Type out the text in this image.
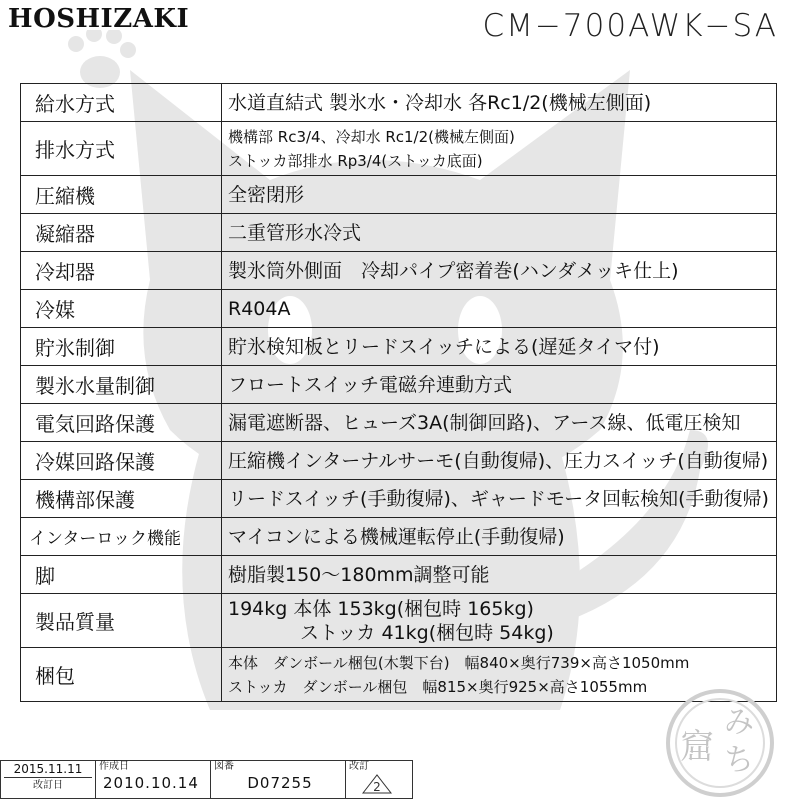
HOSHIZAKI	CM−700AWK−SA
給水方式	水道直結式 製氷水・冷却水 各Rc1/2(機械左側面)

排水方式	機構部 Rc3/4、冷却水 Rc1/2(機械左側面)
ストッカ部排水 Rp3/4(ストッカ底面)

圧縮機	全密閉形

凝縮器	二重管形水冷式

冷却器	製氷筒外側面　冷却パイプ密着巻(ハンダメッキ仕上)

冷媒	R404A

貯氷制御	貯氷検知板とリードスイッチによる(遅延タイマ付)

製氷水量制御	フロートスイッチ電磁弁連動方式

電気回路保護	漏電遮断器、ヒューズ3A(制御回路)、アース線、低電圧検知

冷媒回路保護	圧縮機インターナルサーモ(自動復帰)、圧力スイッチ(自動復帰)

機構部保護	リードスイッチ(手動復帰)、ギャードモータ回転検知(手動復帰)

インターロック機能	マイコンによる機械運転停止(手動復帰)

脚	樹脂製150〜180mm調整可能

製品質量	194kg 本体 153kg(梱包時 165kg)
ストッカ 41kg(梱包時 54kg)

梱包	本体　ダンボール梱包(木製下台)　幅840×奥行739×高さ1050mm
ストッカ　ダンボール梱包　幅815×奥行925×高さ1055mm
み
ち
窟
2015.11.11
改訂日

作成日
2010.10.14

図番
D07255

改訂
2
